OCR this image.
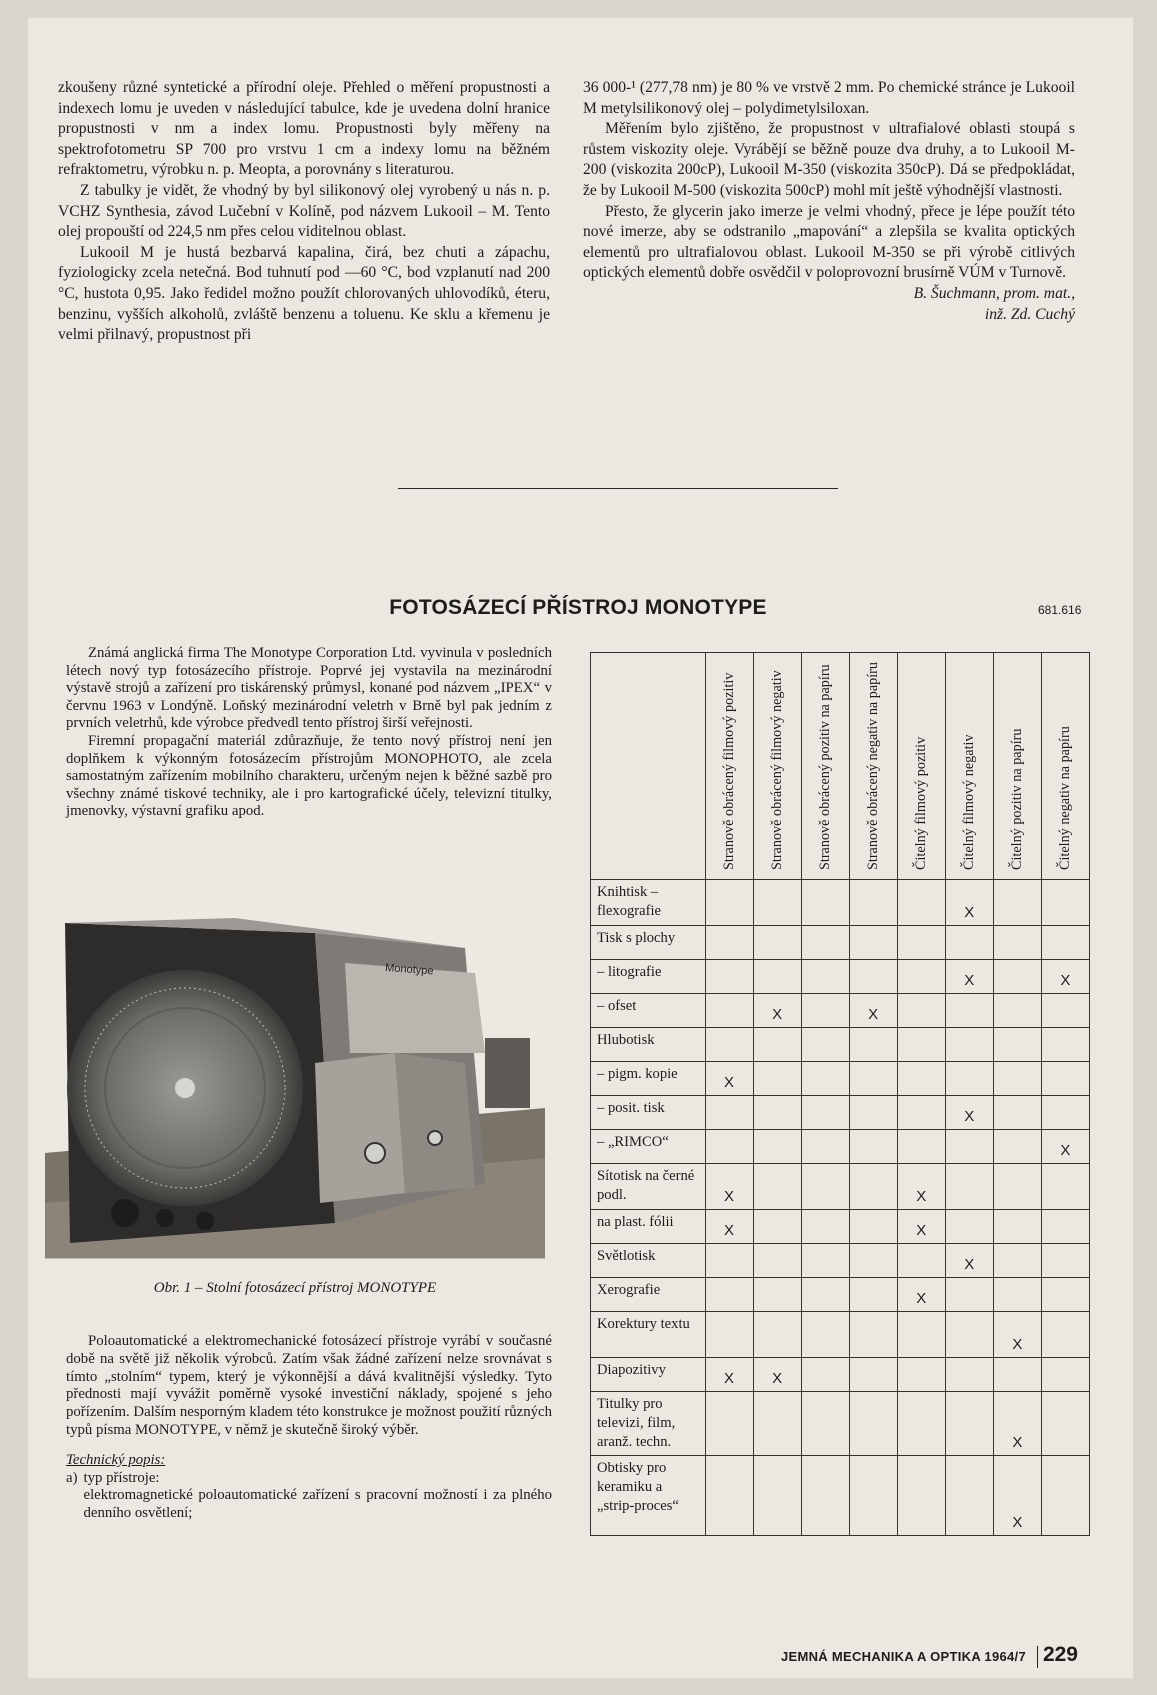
zkoušeny různé syntetické a přírodní oleje. Přehled o měření propustnosti a indexech lomu je uveden v následující tabulce, kde je uvedena dolní hranice propustnosti v nm a index lomu. Propustnosti byly měřeny na spektrofotometru SP 700 pro vrstvu 1 cm a indexy lomu na běžném refraktometru, výrobku n. p. Meopta, a porovnány s literaturou.

Z tabulky je vidět, že vhodný by byl silikonový olej vyrobený u nás n. p. VCHZ Synthesia, závod Lučební v Kolíně, pod názvem Lukooil – M. Tento olej propouští od 224,5 nm přes celou viditelnou oblast.

Lukooil M je hustá bezbarvá kapalina, čirá, bez chuti a zápachu, fyziologicky zcela netečná. Bod tuhnutí pod —60 °C, bod vzplanutí nad 200 °C, hustota 0,95. Jako ředidel možno použít chlorovaných uhlovodíků, éteru, benzinu, vyšších alkoholů, zvláště benzenu a toluenu. Ke sklu a křemenu je velmi přilnavý, propustnost při

36 000-¹ (277,78 nm) je 80 % ve vrstvě 2 mm. Po chemické stránce je Lukooil M metylsilikonový olej – polydimetylsiloxan.

Měřením bylo zjištěno, že propustnost v ultrafialové oblasti stoupá s růstem viskozity oleje. Vyrábějí se běžně pouze dva druhy, a to Lukooil M-200 (viskozita 200cP), Lukooil M-350 (viskozita 350cP). Dá se předpokládat, že by Lukooil M-500 (viskozita 500cP) mohl mít ještě výhodnější vlastnosti.

Přesto, že glycerin jako imerze je velmi vhodný, přece je lépe použít této nové imerze, aby se odstranilo „mapování“ a zlepšila se kvalita optických elementů pro ultrafialovou oblast. Lukooil M-350 se při výrobě citlivých optických elementů dobře osvědčil v poloprovozní brusírně VÚM v Turnově.

B. Šuchmann, prom. mat.,

inž. Zd. Cuchý

FOTOSÁZECÍ PŘÍSTROJ MONOTYPE	681.616

Známá anglická firma The Monotype Corporation Ltd. vyvinula v posledních létech nový typ fotosázecího přístroje. Poprvé jej vystavila na mezinárodní výstavě strojů a zařízení pro tiskárenský průmysl, konané pod názvem „IPEX“ v červnu 1963 v Londýně. Loňský mezinárodní veletrh v Brně byl pak jedním z prvních veletrhů, kde výrobce předvedl tento přístroj širší veřejnosti.

Firemní propagační materiál zdůrazňuje, že tento nový přístroj není jen doplňkem k výkonným fotosázecím přístrojům MONOPHOTO, ale zcela samostatným zařízením mobilního charakteru, určeným nejen k běžné sazbě pro všechny známé tiskové techniky, ale i pro kartografické účely, televizní titulky, jmenovky, výstavní grafiku apod.

Monotype
Obr. 1 – Stolní fotosázecí přístroj MONOTYPE

Poloautomatické a elektromechanické fotosázecí přístroje vyrábí v současné době na světě již několik výrobců. Zatím však žádné zařízení nelze srovnávat s tímto „stolním“ typem, který je výkonnější a dává kvalitnější výsledky. Tyto přednosti mají vyvážit poměrně vysoké investiční náklady, spojené s jeho pořízením. Dalším nesporným kladem této konstrukce je možnost použití různých typů písma MONOTYPE, v němž je skutečně široký výběr.

Technický popis:

a) typ přístroje:
elektromagnetické poloautomatické zařízení s pracovní možností i za plného denního osvětlení;
	Stranově obrácený filmový pozitiv	Stranově obrácený filmový negativ	Stranově obrácený pozitiv na papíru	Stranově obrácený negativ na papíru	Čitelný filmový pozitiv	Čitelný filmový negativ	Čitelný pozitiv na papíru	Čitelný negativ na papíru
Knihtisk – flexografie						X		
Tisk s plochy								
– litografie						X		X
– ofset		X		X				
Hlubotisk								
– pigm. kopie	X							
– posit. tisk						X		
– „RIMCO“								X
Sítotisk na černé podl.	X				X			
na plast. fólii	X				X			
Světlotisk						X		
Xerografie					X			
Korektury textu							X	
Diapozitivy	X	X						
Titulky pro televizi, film, aranž. techn.							X	
Obtisky pro keramiku a „strip-proces“							X	
JEMNÁ MECHANIKA A OPTIKA 1964/7 229
